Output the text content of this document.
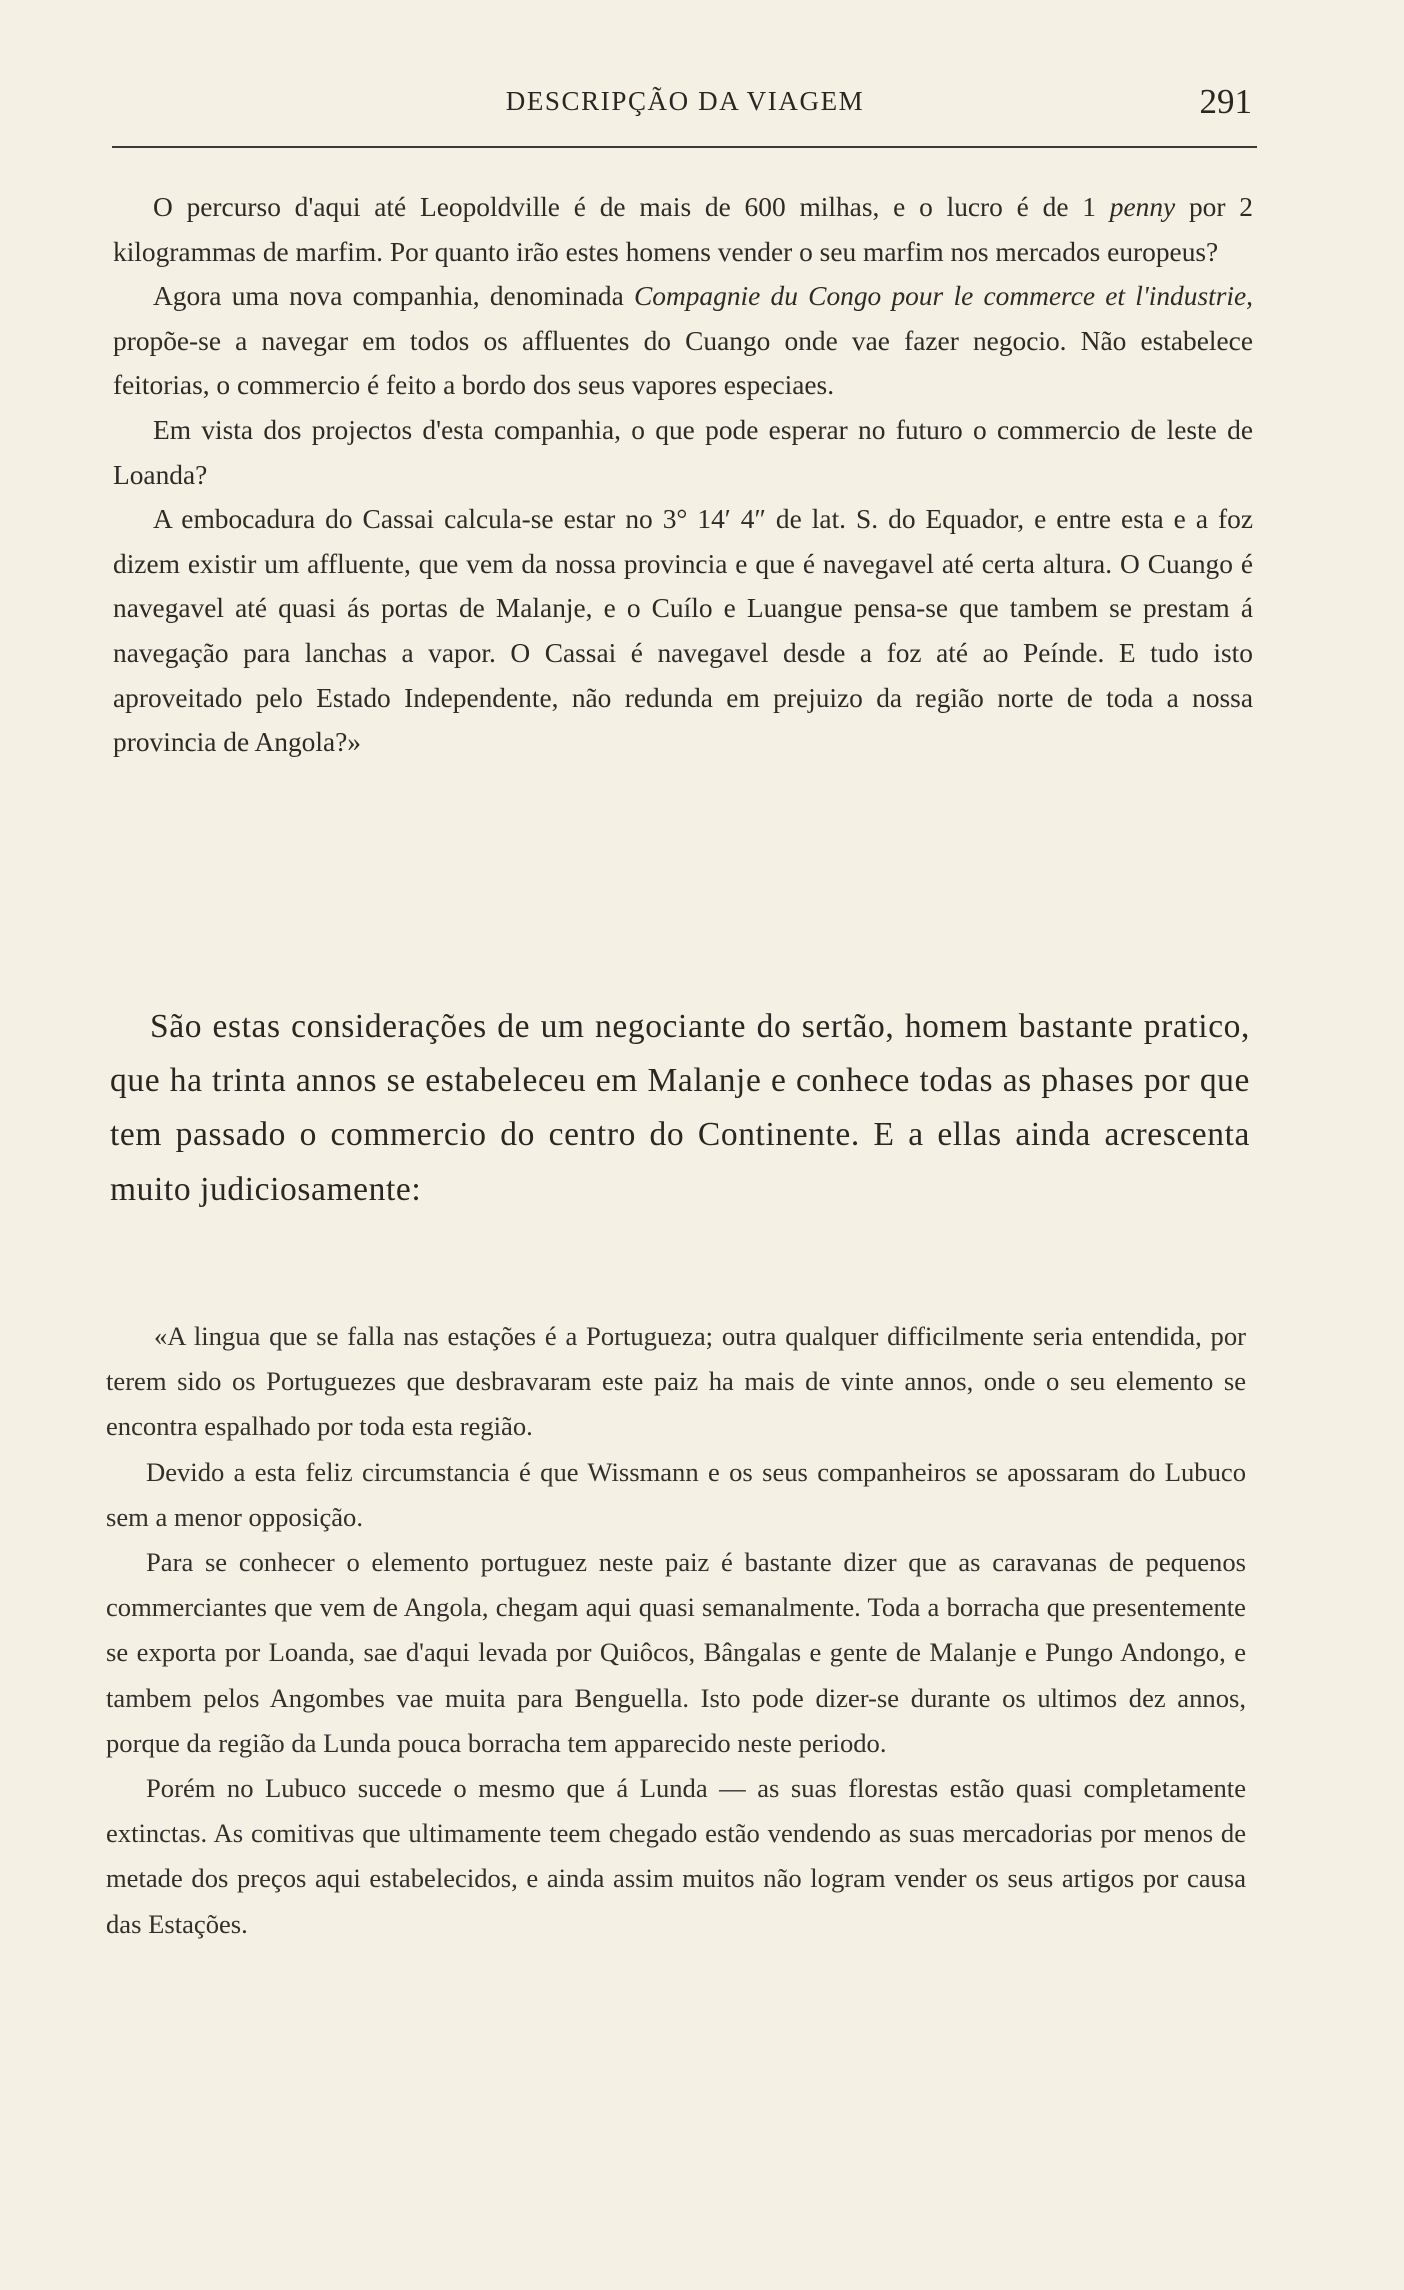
DESCRIPÇÃO DA VIAGEM	291

O percurso d'aqui até Leopoldville é de mais de 600 milhas, e o lucro é de 1 penny por 2 kilogrammas de marfim. Por quanto irão estes homens vender o seu marfim nos mercados europeus?

Agora uma nova companhia, denominada Compagnie du Congo pour le commerce et l'industrie, propõe-se a navegar em todos os affluentes do Cuango onde vae fazer negocio. Não estabelece feitorias, o commercio é feito a bordo dos seus vapores especiaes.

Em vista dos projectos d'esta companhia, o que pode esperar no futuro o commercio de leste de Loanda?

A embocadura do Cassai calcula-se estar no 3° 14′ 4″ de lat. S. do Equador, e entre esta e a foz dizem existir um affluente, que vem da nossa provincia e que é navegavel até certa altura. O Cuango é navegavel até quasi ás portas de Malanje, e o Cuílo e Luangue pensa-se que tambem se prestam á navegação para lanchas a vapor. O Cassai é navegavel desde a foz até ao Peínde. E tudo isto aproveitado pelo Estado Independente, não redunda em prejuizo da região norte de toda a nossa provincia de Angola?»

São estas considerações de um negociante do sertão, homem bastante pratico, que ha trinta annos se estabeleceu em Malanje e conhece todas as phases por que tem passado o commercio do centro do Continente. E a ellas ainda acrescenta muito judiciosamente:

«A lingua que se falla nas estações é a Portugueza; outra qualquer difficilmente seria entendida, por terem sido os Portuguezes que desbravaram este paiz ha mais de vinte annos, onde o seu elemento se encontra espalhado por toda esta região.

Devido a esta feliz circumstancia é que Wissmann e os seus companheiros se apossaram do Lubuco sem a menor opposição.

Para se conhecer o elemento portuguez neste paiz é bastante dizer que as caravanas de pequenos commerciantes que vem de Angola, chegam aqui quasi semanalmente. Toda a borracha que presentemente se exporta por Loanda, sae d'aqui levada por Quiôcos, Bângalas e gente de Malanje e Pungo Andongo, e tambem pelos Angombes vae muita para Benguella. Isto pode dizer-se durante os ultimos dez annos, porque da região da Lunda pouca borracha tem apparecido neste periodo.

Porém no Lubuco succede o mesmo que á Lunda — as suas florestas estão quasi completamente extinctas. As comitivas que ultimamente teem chegado estão vendendo as suas mercadorias por menos de metade dos preços aqui estabelecidos, e ainda assim muitos não logram vender os seus artigos por causa das Estações.
